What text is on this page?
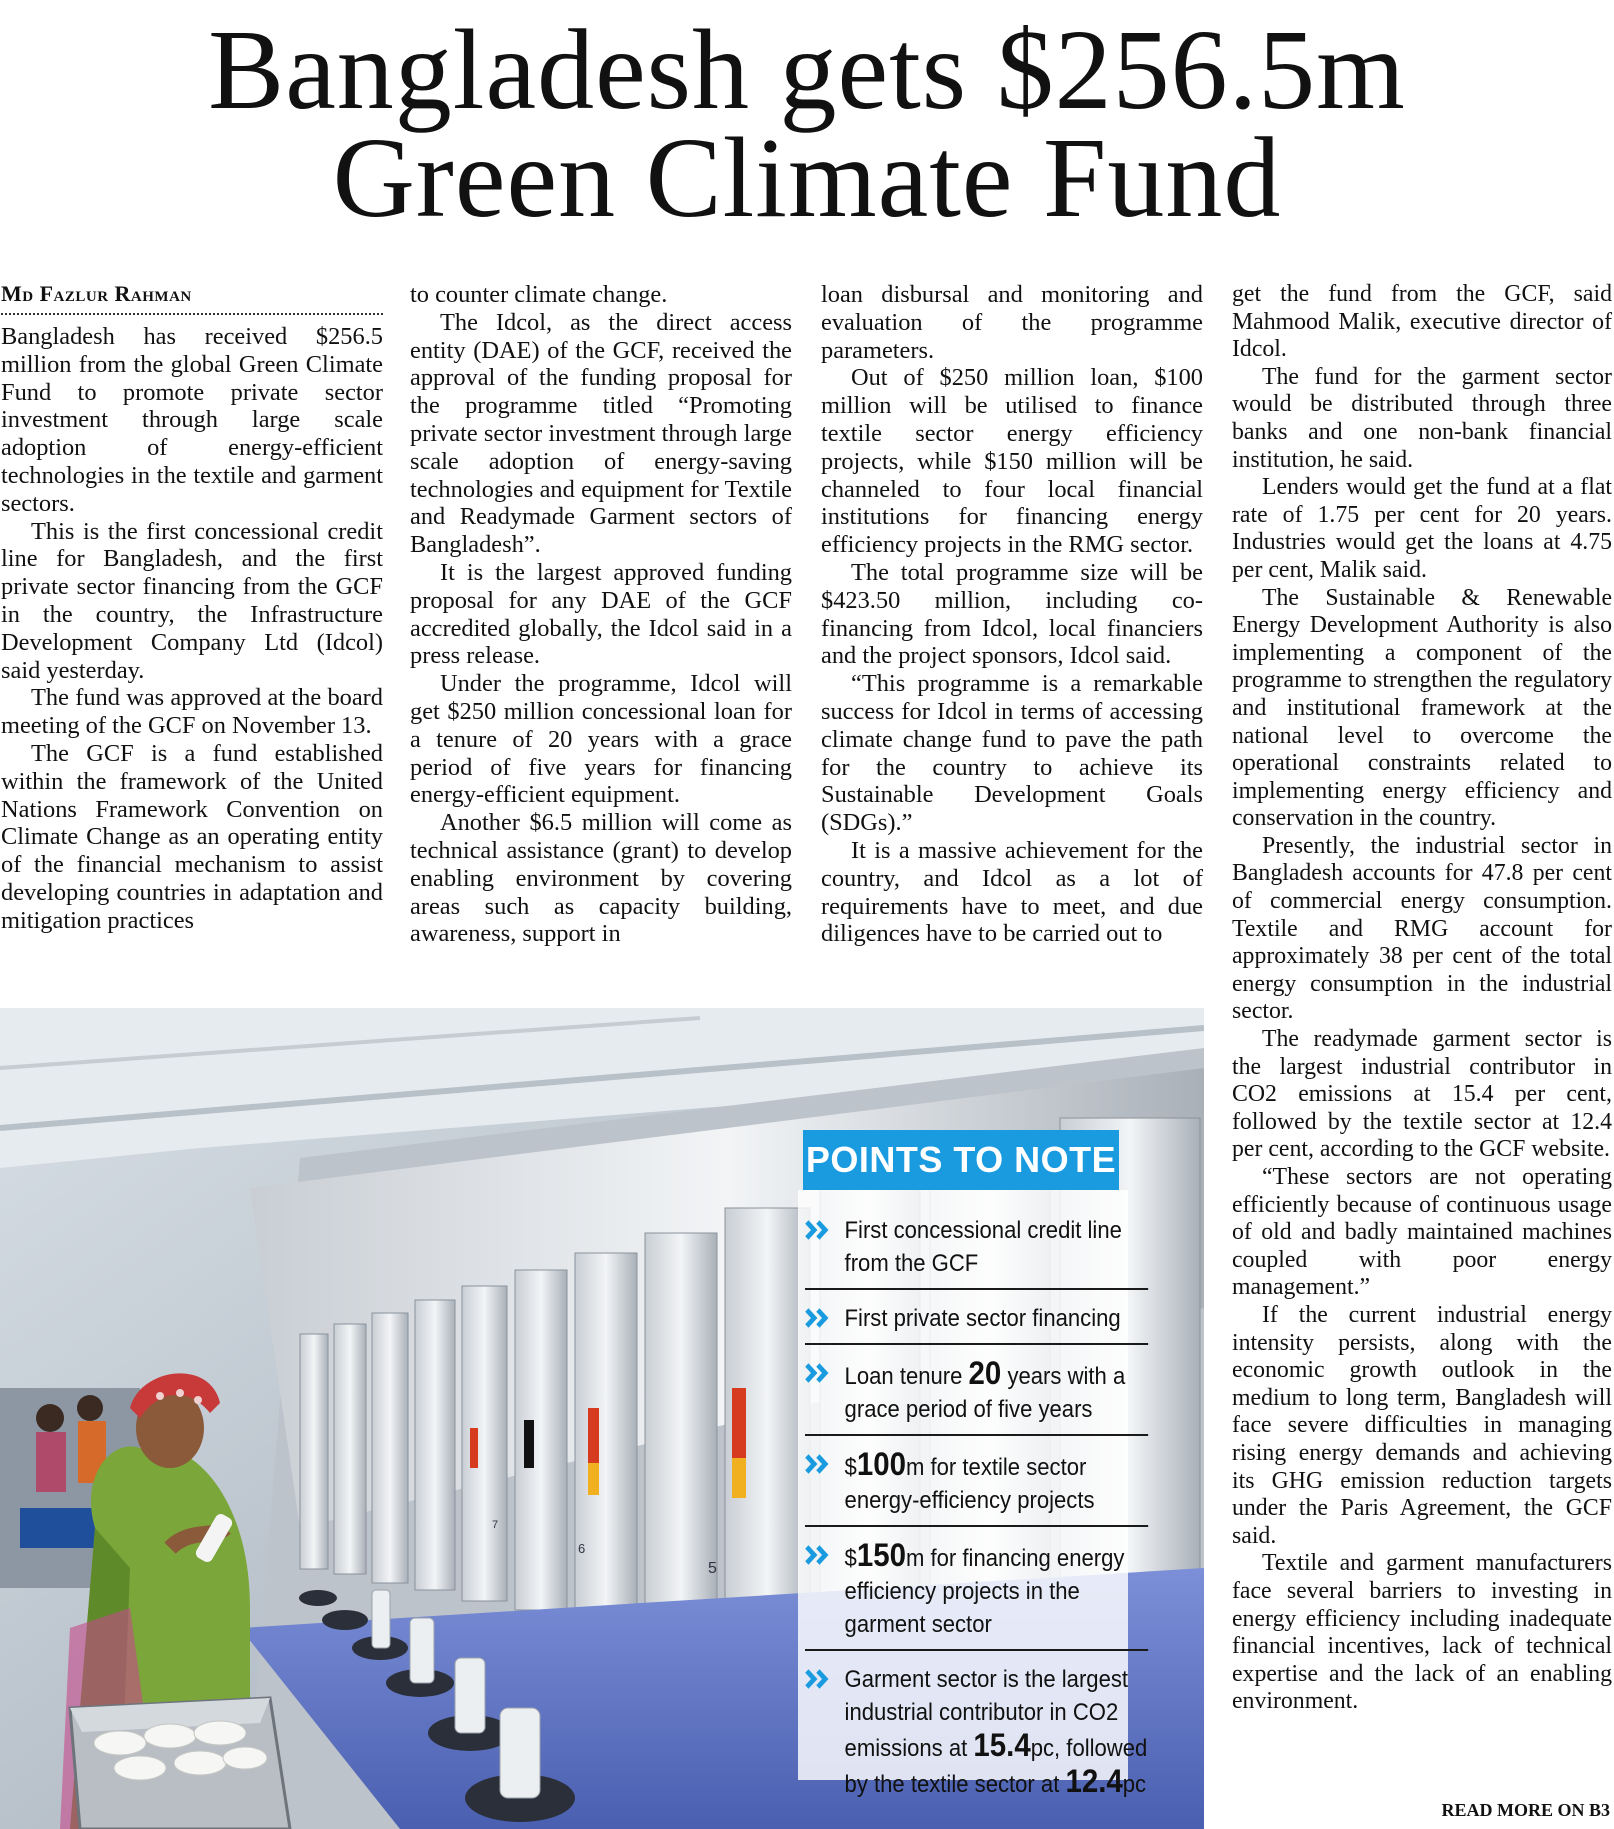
Bangladesh gets $256.5m
Green Climate Fund
Md Fazlur Rahman

Bangladesh has received $256.5 million from the global Green Climate Fund to promote private sector investment through large scale adoption of energy-efficient technologies in the textile and garment sectors.

This is the first concessional credit line for Bangladesh, and the first private sector financing from the GCF in the country, the Infrastructure Development Company Ltd (Idcol) said yesterday.

The fund was approved at the board meeting of the GCF on November 13.

The GCF is a fund established within the framework of the United Nations Framework Convention on Climate Change as an operating entity of the financial mechanism to assist developing countries in adaptation and mitigation practices

to counter climate change.

The Idcol, as the direct access entity (DAE) of the GCF, received the approval of the funding proposal for the programme titled “Promoting private sector investment through large scale adoption of energy-saving technologies and equipment for Textile and Readymade Garment sectors of Bangladesh”.

It is the largest approved funding proposal for any DAE of the GCF accredited globally, the Idcol said in a press release.

Under the programme, Idcol will get $250 million concessional loan for a tenure of 20 years with a grace period of five years for financing energy-efficient equipment.

Another $6.5 million will come as technical assistance (grant) to develop enabling environment by covering areas such as capacity building, awareness, support in

loan disbursal and monitoring and evaluation of the programme parameters.

Out of $250 million loan, $100 million will be utilised to finance textile sector energy efficiency projects, while $150 million will be channeled to four local financial institutions for financing energy efficiency projects in the RMG sector.

The total programme size will be $423.50 million, including co-financing from Idcol, local financiers and the project sponsors, Idcol said.

“This programme is a remarkable success for Idcol in terms of accessing climate change fund to pave the path for the country to achieve its Sustainable Development Goals (SDGs).”

It is a massive achievement for the country, and Idcol as a lot of requirements have to meet, and due diligences have to be carried out to

get the fund from the GCF, said Mahmood Malik, executive director of Idcol.

The fund for the garment sector would be distributed through three banks and one non-bank financial institution, he said.

Lenders would get the fund at a flat rate of 1.75 per cent for 20 years. Industries would get the loans at 4.75 per cent, Malik said.

The Sustainable & Renewable Energy Development Authority is also implementing a component of the programme to strengthen the regulatory and institutional framework at the national level to overcome the operational constraints related to implementing energy efficiency and conservation in the country.

Presently, the industrial sector in Bangladesh accounts for 47.8 per cent of commercial energy consumption. Textile and RMG account for approximately 38 per cent of the total energy consumption in the industrial sector.

The readymade garment sector is the largest industrial contributor in CO2 emissions at 15.4 per cent, followed by the textile sector at 12.4 per cent, according to the GCF website.

“These sectors are not operating efficiently because of continuous usage of old and badly maintained machines coupled with poor energy management.”

If the current industrial energy intensity persists, along with the economic growth outlook in the medium to long term, Bangladesh will face severe difficulties in managing rising energy demands and achieving its GHG emission reduction targets under the Paris Agreement, the GCF said.

Textile and garment manufacturers face several barriers to investing in energy efficiency including inadequate financial incentives, lack of technical expertise and the lack of an enabling environment.

READ MORE ON B3
5
6
7
POINTS TO NOTE
First concessional credit line from the GCF
First private sector financing
Loan tenure 20 years with a grace period of five years
$100m for textile sector energy-efficiency projects
$150m for financing energy efficiency projects in the garment sector
Garment sector is the largest industrial contributor in CO2 emissions at 15.4pc, followed by the textile sector at 12.4pc
